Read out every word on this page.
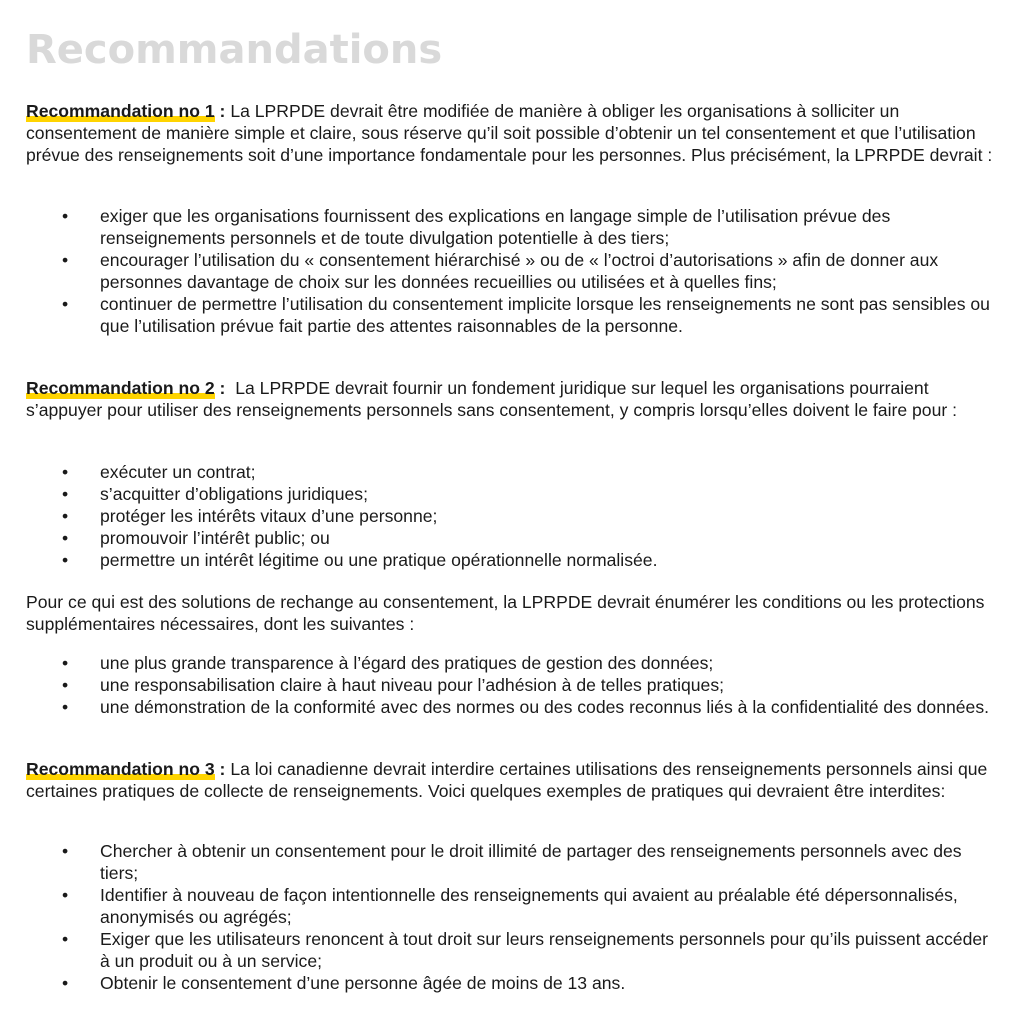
Recommandations

Recommandation no 1 : La LPRPDE devrait être modifiée de manière à obliger les organisations à solliciter un consentement de manière simple et claire, sous réserve qu’il soit possible d’obtenir un tel consentement et que l’utilisation prévue des renseignements soit d’une importance fondamentale pour les personnes. Plus précisément, la LPRPDE devrait :

• exiger que les organisations fournissent des explications en langage simple de l’utilisation prévue des renseignements personnels et de toute divulgation potentielle à des tiers;
• encourager l’utilisation du « consentement hiérarchisé » ou de « l’octroi d’autorisations » afin de donner aux personnes davantage de choix sur les données recueillies ou utilisées et à quelles fins;
• continuer de permettre l’utilisation du consentement implicite lorsque les renseignements ne sont pas sensibles ou que l’utilisation prévue fait partie des attentes raisonnables de la personne.

Recommandation no 2 :  La LPRPDE devrait fournir un fondement juridique sur lequel les organisations pourraient s’appuyer pour utiliser des renseignements personnels sans consentement, y compris lorsqu’elles doivent le faire pour :

• exécuter un contrat;
• s’acquitter d’obligations juridiques;
• protéger les intérêts vitaux d’une personne;
• promouvoir l’intérêt public; ou
• permettre un intérêt légitime ou une pratique opérationnelle normalisée.

Pour ce qui est des solutions de rechange au consentement, la LPRPDE devrait énumérer les conditions ou les protections supplémentaires nécessaires, dont les suivantes :

• une plus grande transparence à l’égard des pratiques de gestion des données;
• une responsabilisation claire à haut niveau pour l’adhésion à de telles pratiques;
• une démonstration de la conformité avec des normes ou des codes reconnus liés à la confidentialité des données.

Recommandation no 3 : La loi canadienne devrait interdire certaines utilisations des renseignements personnels ainsi que certaines pratiques de collecte de renseignements. Voici quelques exemples de pratiques qui devraient être interdites:

• Chercher à obtenir un consentement pour le droit illimité de partager des renseignements personnels avec des tiers;
• Identifier à nouveau de façon intentionnelle des renseignements qui avaient au préalable été dépersonnalisés, anonymisés ou agrégés;
• Exiger que les utilisateurs renoncent à tout droit sur leurs renseignements personnels pour qu’ils puissent accéder à un produit ou à un service;
• Obtenir le consentement d’une personne âgée de moins de 13 ans.
